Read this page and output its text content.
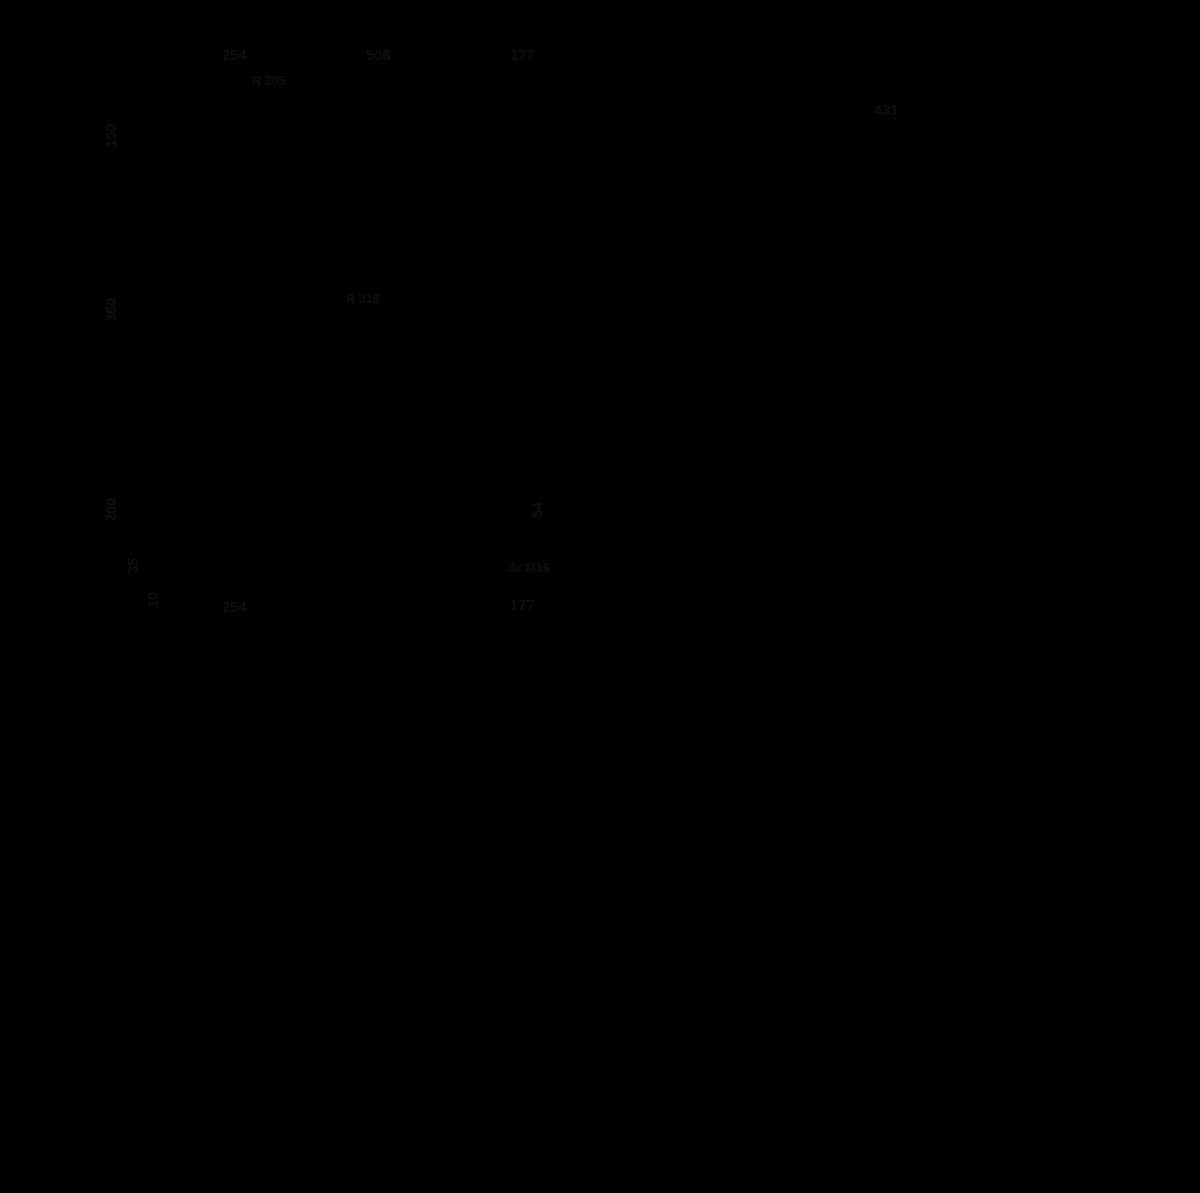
254	508	177
R 305
431
150
R 318
360
200
35
10	254
54
3x M16
177
